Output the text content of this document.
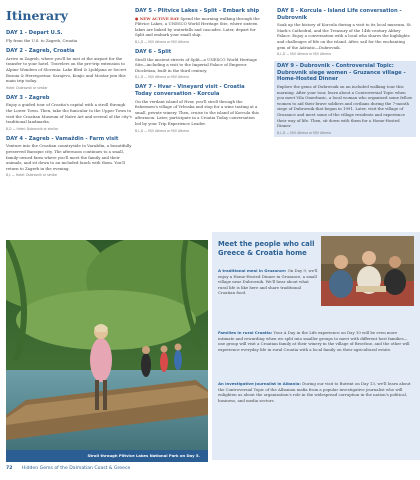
Itinerary
DAY 1 - Depart U.S.
Fly from the U.S. to Zagreb, Croatia
DAY 2 - Zagreb, Croatia
Arrive in Zagreb, where you'll be met at the airport for the transfer to your hotel. Travelers on the pre-trip extension to Alpine Wonders of Slovenia: Lake Bled & Ljubljana or Secret Bosnia & Herzegovina: Sarajevo, Konjic and Mostar join this main trip today.
Hotel: Dubrovnik or similar
DAY 3 - Zagreb
Enjoy a guided tour of Croatia's capital with a stroll through the Lower Town. Then, take the funicular to the Upper Town to visit the Croatian Museum of Naïve Art and several of the city's traditional landmarks.
B,D — Hotel: Dubrovnik or similar
DAY 4 - Zagreb - Vamaždin - Farm visit
Venture into the Croatian countryside to Varaždin, a beautifully preserved Baroque city. The afternoon continues to a small, family-owned farm where you'll meet the family and their animals, and sit down to an included lunch with them. You'll return to Zagreb in the evening.
B,L — Hotel: Dubrovnik or similar
DAY 5 - Plitvice Lakes - Split - Embark ship
● NEW ACTIVE DAY Spend the morning walking through the Plitvice Lakes, a UNESCO World Heritage Site, where sixteen lakes are linked by waterfalls and cascades. Later, depart for Split and embark your small ship.
B,L,D — M/V Athena or M/V Athena
DAY 6 - Split
Stroll the ancient streets of Split—a UNESCO World Heritage Site—including a visit to the Imperial Palace of Emperor Diocletian, built in the third century.
B,L,D — M/V Athena or M/V Athena
DAY 7 - Hvar - Vineyard visit - Croatia Today conversation - Korcula
On the verdant island of Hvar, you'll stroll through the fishermen's village of Vrboska and stop for a wine tasting at a small, private winery. Then, cruise to the island of Korcula this afternoon. Later, participate in a Croatia Today conversation led by your Trip Experience Leader.
B,L,D — M/V Athena or M/V Athena
DAY 8 - Korcula - Island Life conversation - Dubrovnik
Soak up the history of Korcula during a visit to its local museum, St. Mark's Cathedral, and the Treasury of the 14th-century Abbey Palace. Enjoy a conversation with a local who shares the highlights and challenges of life on the island. After, sail for the enchanting gem of the Adriatic—Dubrovnik.
B,L,D — M/V Athena or M/V Athena
DAY 9 - Dubrovnik - Controversial Topic: Dubrovnik siege women - Gruzance village - Home-Hosted Dinner
Explore the gems of Dubrovnik on an included walking tour this morning. After your tour, learn about a Controversial Topic when you meet Vila Omerbasic, a local woman who organized some fellow women to aid their brave soldiers and civilians during the 7-month siege of Dubrovnik that began in 1991. Later, visit the village of Gruzance and meet some of the village residents and experience their way of life. Then, sit down with them for a Home-Hosted Dinner.
B,L,D — M/V Athena or M/V Athena
Stroll through Plitvice Lakes National Park on Day 5.
Meet the people who call Greece & Croatia home
A traditional meal in Gruzance: On Day 9, we'll enjoy a Home-Hosted Dinner in Gruzance, a small village near Dubrovnik. We'll hear about what rural life is like here and share traditional Croatian food.
Families in rural Croatia: Your A Day in the Life experience on Day 10 will be even more intimate and rewarding when we split into smaller groups to meet with different host families—one group will visit a Croatian family at their winery in the village of Brsečine, and the other will experience everyday life in rural Croatia with a local family on their agricultural estate.
An investigative journalist in Albania: During our visit to Butrint on Day 13, we'll learn about the Controversial Topic of the Albanian mafia from a popular investigative journalist who will enlighten us about the organization's role in the widespread corruption in the nation's political, business, and media sectors.
72 Hidden Gems of the Dalmatian Coast & Greece
